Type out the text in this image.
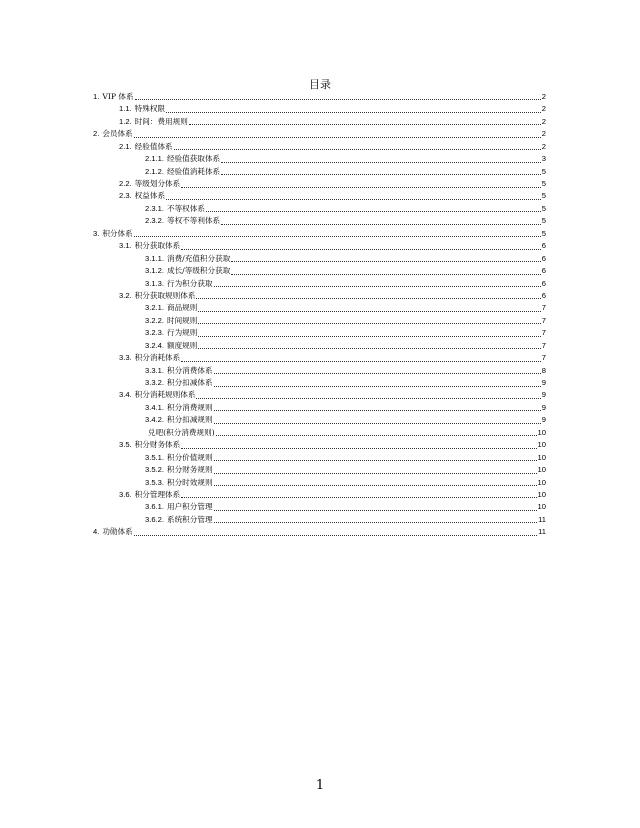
目录
1. VIP 体系	2
1.1. 特殊权限	2
1.2. 时间：费用规则	2
2. 会员体系	2
2.1. 经验值体系	2
2.1.1. 经验值获取体系	3
2.1.2. 经验值消耗体系	5
2.2. 等级划分体系	5
2.3. 权益体系	5
2.3.1. 不等权体系	5
2.3.2. 等权不等利体系	5
3. 积分体系	5
3.1. 积分获取体系	6
3.1.1. 消费/充值积分获取	6
3.1.2. 成长/等级积分获取	6
3.1.3. 行为积分获取	6
3.2. 积分获取规则体系	6
3.2.1. 商品规则	7
3.2.2. 时间规则	7
3.2.3. 行为规则	7
3.2.4. 额度规则	7
3.3. 积分消耗体系	7
3.3.1. 积分消费体系	8
3.3.2. 积分扣减体系	9
3.4. 积分消耗规则体系	9
3.4.1. 积分消费规则	9
3.4.2. 积分扣减规则	9
兑吧(积分消费规则)	10
3.5. 积分财务体系	10
3.5.1. 积分价值规则	10
3.5.2. 积分财务规则	10
3.5.3. 积分时效规则	10
3.6. 积分管理体系	10
3.6.1. 用户积分管理	10
3.6.2. 系统积分管理	11
4. 功勋体系	11
1
